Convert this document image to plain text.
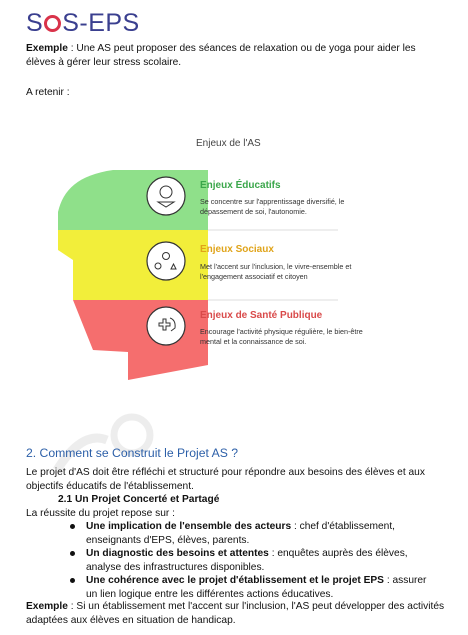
S S-EPS
Exemple : Une AS peut proposer des séances de relaxation ou de yoga pour aider les élèves à gérer leur stress scolaire.
A retenir :
Enjeux de l'AS
Enjeux Éducatifs
Se concentre sur l'apprentissage diversifié, le dépassement de soi, l'autonomie.
Enjeux Sociaux
Met l'accent sur l'inclusion, le vivre-ensemble et l'engagement associatif et citoyen
Enjeux de Santé Publique
Encourage l'activité physique régulière, le bien-être mental et la connaissance de soi.
2. Comment se Construit le Projet AS ?
Le projet d'AS doit être réfléchi et structuré pour répondre aux besoins des élèves et aux objectifs éducatifs de l'établissement.
2.1 Un Projet Concerté et Partagé
La réussite du projet repose sur :
Une implication de l'ensemble des acteurs : chef d'établissement, enseignants d'EPS, élèves, parents.
Un diagnostic des besoins et attentes : enquêtes auprès des élèves, analyse des infrastructures disponibles.
Une cohérence avec le projet d'établissement et le projet EPS : assurer un lien logique entre les différentes actions éducatives.
Exemple : Si un établissement met l'accent sur l'inclusion, l'AS peut développer des activités adaptées aux élèves en situation de handicap.
